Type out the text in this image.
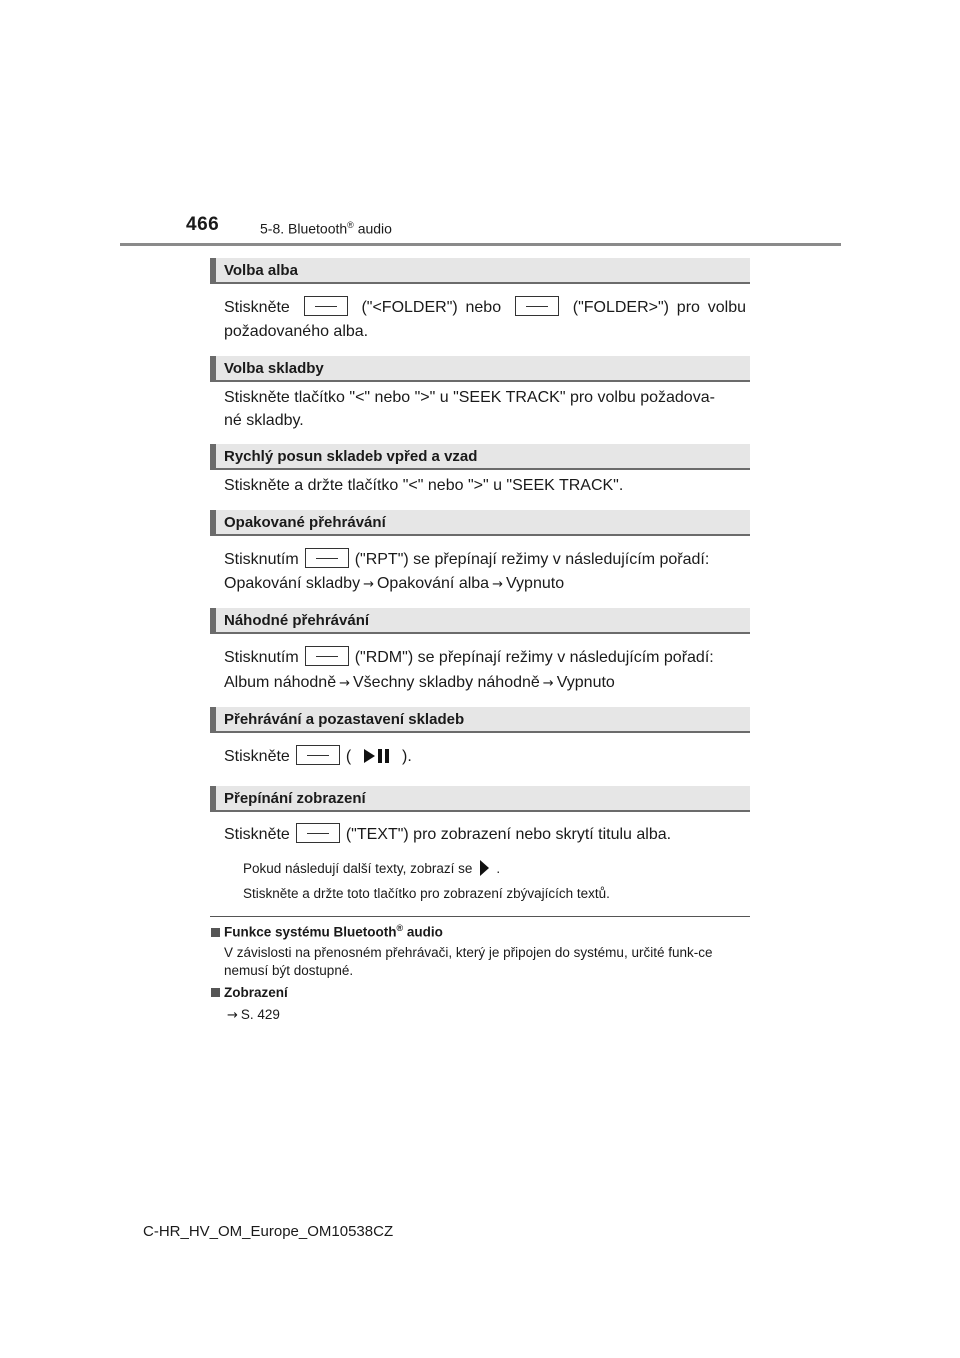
466	5-8. Bluetooth® audio
Volba alba
Stiskněte	("<FOLDER") nebo	("FOLDER>") pro volbu
požadovaného alba.
Volba skladby
Stiskněte tlačítko "<" nebo ">" u "SEEK TRACK" pro volbu požadova-
né skladby.
Rychlý posun skladeb vpřed a vzad
Stiskněte a držte tlačítko "<" nebo ">" u "SEEK TRACK".
Opakované přehrávání
Stisknutím	("RPT") se přepínají režimy v následujícím pořadí:
Opakování skladby → Opakování alba → Vypnuto
Náhodné přehrávání
Stisknutím	("RDM") se přepínají režimy v následujícím pořadí:
Album náhodně → Všechny skladby náhodně → Vypnuto
Přehrávání a pozastavení skladeb
Stiskněte	(	).
Přepínání zobrazení
Stiskněte	("TEXT") pro zobrazení nebo skrytí titulu alba.
Pokud následují další texty, zobrazí se .
Stiskněte a držte toto tlačítko pro zobrazení zbývajících textů.
Funkce systému Bluetooth® audio
V závislosti na přenosném přehrávači, který je připojen do systému, určité funk-ce nemusí být dostupné.
Zobrazení
→ S. 429
C-HR_HV_OM_Europe_OM10538CZ
